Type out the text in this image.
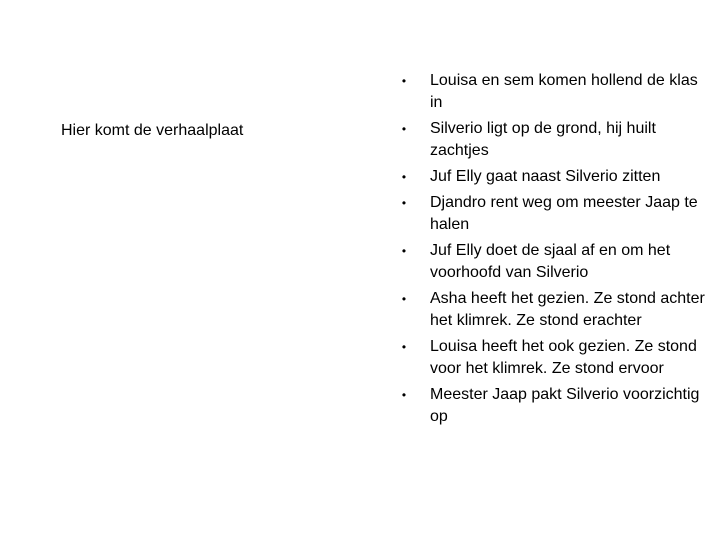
Hier komt de verhaalplaat
• Louisa en sem komen hollend de klas in
• Silverio ligt op de grond, hij huilt zachtjes
• Juf Elly gaat naast Silverio zitten
• Djandro rent weg om meester Jaap te halen
• Juf Elly doet de sjaal af en om het voorhoofd van Silverio
• Asha heeft het gezien. Ze stond achter het klimrek. Ze stond erachter
• Louisa heeft het ook gezien. Ze stond voor het klimrek. Ze stond ervoor
• Meester Jaap pakt Silverio voorzichtig op
